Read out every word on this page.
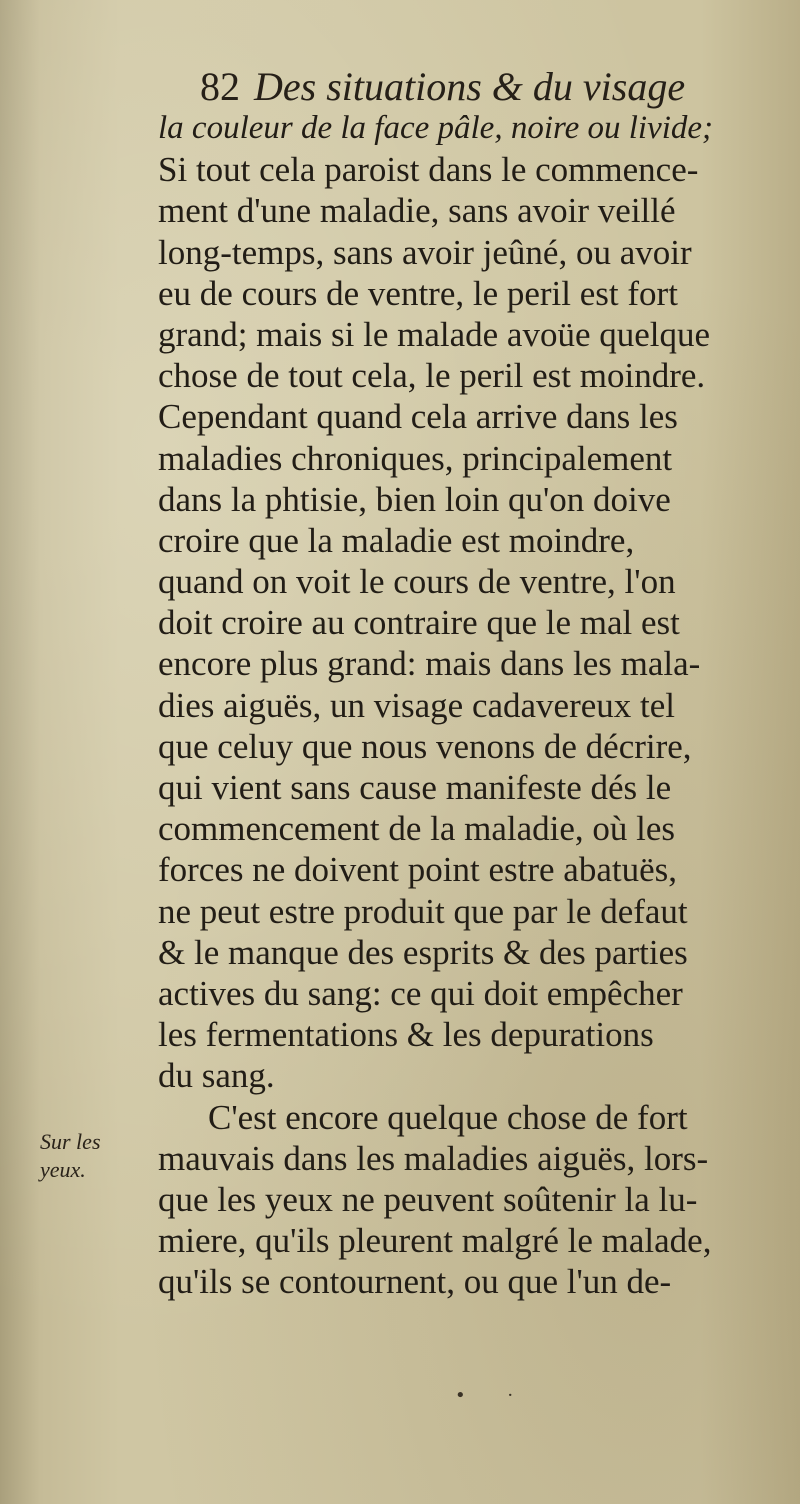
82 Des situations & du visage
la couleur de la face pâle, noire ou livide;
Si tout cela paroist dans le commence-
ment d'une maladie, sans avoir veillé
long-temps, sans avoir jeûné, ou avoir
eu de cours de ventre, le peril est fort
grand; mais si le malade avoüe quelque
chose de tout cela, le peril est moindre.
Cependant quand cela arrive dans les
maladies chroniques, principalement
dans la phtisie, bien loin qu'on doive
croire que la maladie est moindre,
quand on voit le cours de ventre, l'on
doit croire au contraire que le mal est
encore plus grand: mais dans les mala-
dies aiguës, un visage cadavereux tel
que celuy que nous venons de décrire,
qui vient sans cause manifeste dés le
commencement de la maladie, où les
forces ne doivent point estre abatuës,
ne peut estre produit que par le defaut
& le manque des esprits & des parties
actives du sang: ce qui doit empêcher
les fermentations & les depurations
du sang.
C'est encore quelque chose de fort
mauvais dans les maladies aiguës, lors-
que les yeux ne peuvent soûtenir la lu-
miere, qu'ils pleurent malgré le malade,
qu'ils se contournent, ou que l'un de-
Sur les
yeux.
• ·
